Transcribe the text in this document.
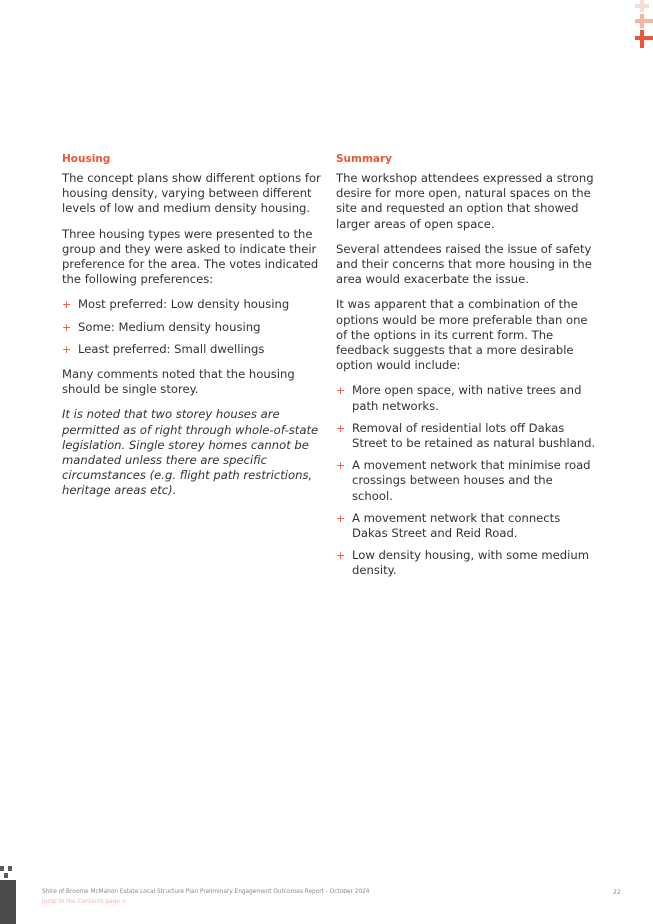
Housing

The concept plans show different options for housing density, varying between different levels of low and medium density housing.

Three housing types were presented to the group and they were asked to indicate their preference for the area. The votes indicated the following preferences:

+ Most preferred: Low density housing
+ Some: Medium density housing
+ Least preferred: Small dwellings

Many comments noted that the housing should be single storey.

It is noted that two storey houses are permitted as of right through whole-of-state legislation. Single storey homes cannot be mandated unless there are specific circumstances (e.g. flight path restrictions, heritage areas etc).

Summary

The workshop attendees expressed a strong desire for more open, natural spaces on the site and requested an option that showed larger areas of open space.

Several attendees raised the issue of safety and their concerns that more housing in the area would exacerbate the issue.

It was apparent that a combination of the options would be more preferable than one of the options in its current form. The feedback suggests that a more desirable option would include:

+ More open space, with native trees and path networks.
+ Removal of residential lots off Dakas Street to be retained as natural bushland.
+ A movement network that minimise road crossings between houses and the school.
+ A movement network that connects Dakas Street and Reid Road.
+ Low density housing, with some medium density.
Shire of Broome McMahon Estate Local Structure Plan Preliminary Engagement Outcomes Report - October 2024
Jump to the Contents page >
22
